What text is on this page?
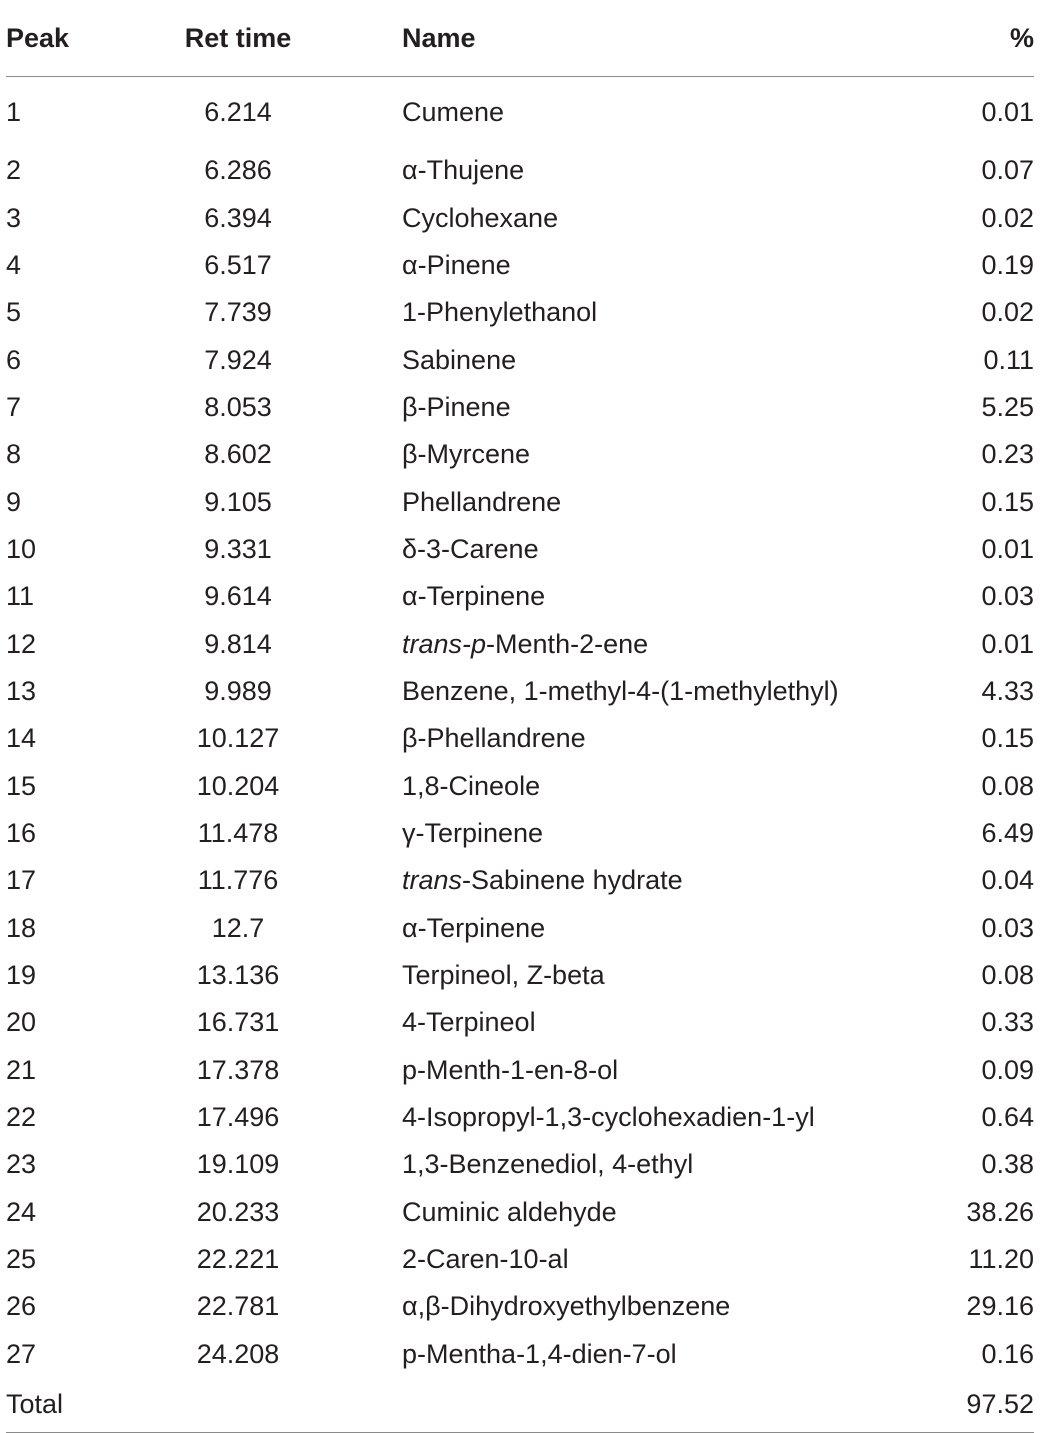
Peak	Ret time	Name	%
1	6.214	Cumene	0.01
2	6.286	α-Thujene	0.07
3	6.394	Cyclohexane	0.02
4	6.517	α-Pinene	0.19
5	7.739	1-Phenylethanol	0.02
6	7.924	Sabinene	0.11
7	8.053	β-Pinene	5.25
8	8.602	β-Myrcene	0.23
9	9.105	Phellandrene	0.15
10	9.331	δ-3-Carene	0.01
11	9.614	α-Terpinene	0.03
12	9.814	trans-p-Menth-2-ene	0.01
13	9.989	Benzene, 1-methyl-4-(1-methylethyl)	4.33
14	10.127	β-Phellandrene	0.15
15	10.204	1,8-Cineole	0.08
16	11.478	γ-Terpinene	6.49
17	11.776	trans-Sabinene hydrate	0.04
18	12.7	α-Terpinene	0.03
19	13.136	Terpineol, Z-beta	0.08
20	16.731	4-Terpineol	0.33
21	17.378	p-Menth-1-en-8-ol	0.09
22	17.496	4-Isopropyl-1,3-cyclohexadien-1-yl	0.64
23	19.109	1,3-Benzenediol, 4-ethyl	0.38
24	20.233	Cuminic aldehyde	38.26
25	22.221	2-Caren-10-al	11.20
26	22.781	α,β-Dihydroxyethylbenzene	29.16
27	24.208	p-Mentha-1,4-dien-7-ol	0.16
Total			97.52
